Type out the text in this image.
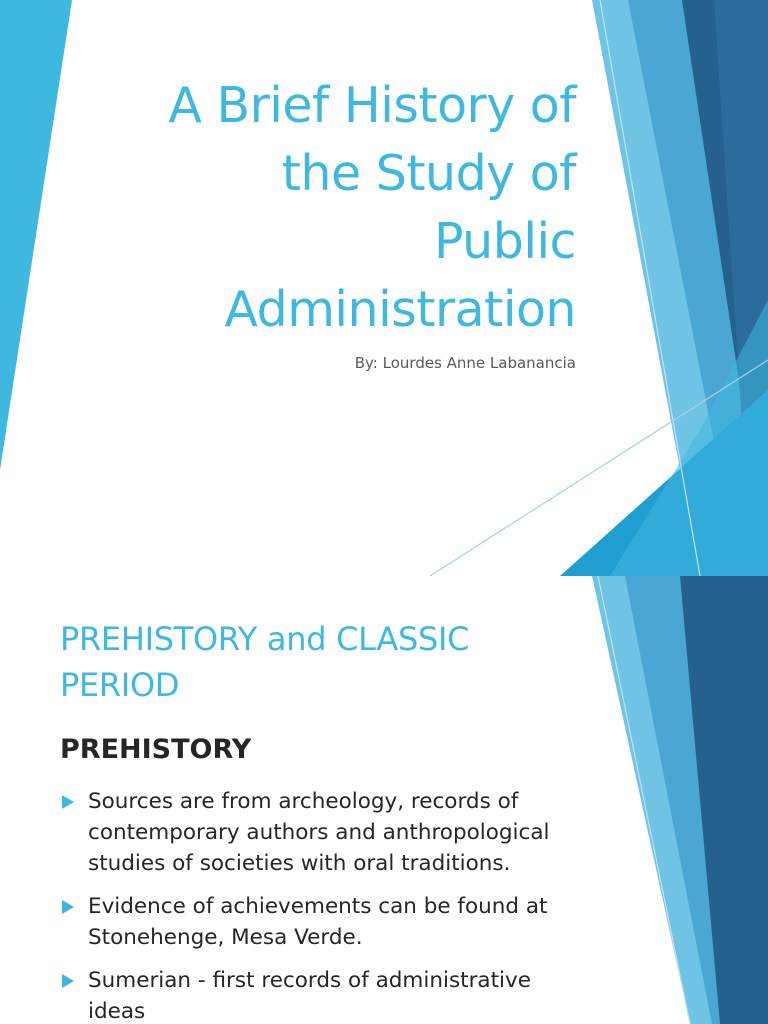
A Brief History of
the Study of
Public
Administration
By: Lourdes Anne Labanancia
PREHISTORY and CLASSIC
PERIOD
PREHISTORY
Sources are from archeology, records of contemporary authors and anthropological studies of societies with oral traditions.
Evidence of achievements can be found at Stonehenge, Mesa Verde.
Sumerian - first records of administrative ideas
